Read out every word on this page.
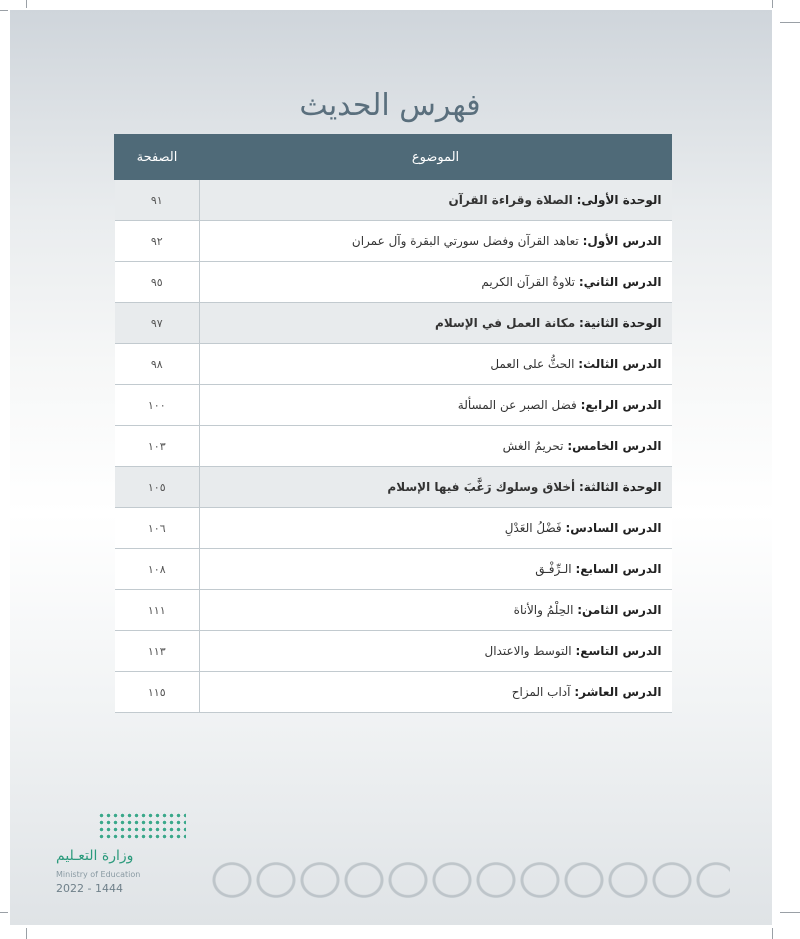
فهرس الحديث
الموضوع	الصفحة
الوحدة الأولى: الصلاة وقراءة القرآن	٩١
الدرس الأول: تعاهد القرآن وفضل سورتي البقرة وآل عمران	٩٢
الدرس الثاني: تلاوةُ القرآن الكريم	٩٥
الوحدة الثانية: مكانة العمل في الإسلام	٩٧
الدرس الثالث: الحثُّ على العمل	٩٨
الدرس الرابع: فضل الصبر عن المسألة	١٠٠
الدرس الخامس: تحريمُ الغش	١٠٣
الوحدة الثالثة: أخلاق وسلوك رَغَّبَ فيها الإسلام	١٠٥
الدرس السادس: فَضْلُ العَدْلِ	١٠٦
الدرس السابع: الـرِّفْـق	١٠٨
الدرس الثامن: الحِلْمُ والأناة	١١١
الدرس التاسع: التوسط والاعتدال	١١٣
الدرس العاشر: آداب المزاح	١١٥
وزارة التعـليم
Ministry of Education
2022 - 1444
